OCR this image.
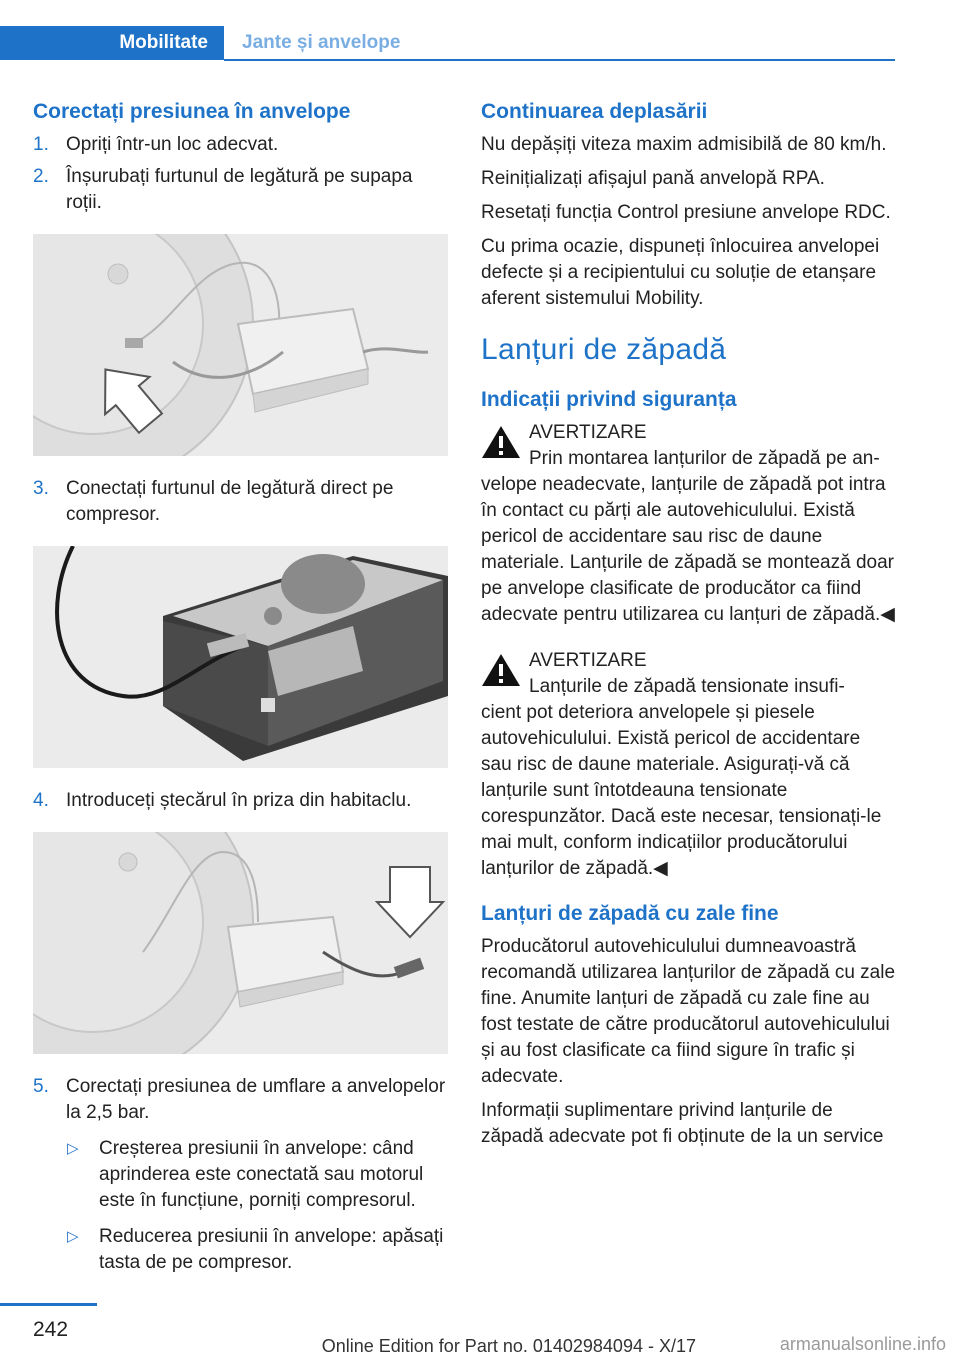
Mobilitate Jante și anvelope
Corectați presiunea în anvelope
1. Opriți într-un loc adecvat.
2. Înșurubați furtunul de legătură pe supapa roții.
3. Conectați furtunul de legătură direct pe compresor.
4. Introduceți ștecărul în priza din habitaclu.
5. Corectați presiunea de umflare a anvelopelor la 2,5 bar.
▷ Creșterea presiunii în anvelope: când aprinderea este conectată sau motorul este în funcțiune, porniți compresorul.
▷ Reducerea presiunii în anvelope: apăsați tasta de pe compresor.
Continuarea deplasării

Nu depășiți viteza maxim admisibilă de 80 km/h.

Reinițializați afișajul pană anvelopă RPA.

Resetați funcția Control presiune anvelope RDC.

Cu prima ocazie, dispuneți înlocuirea anvelopei defecte și a recipientului cu soluție de etanșare aferent sistemului Mobility.

Lanțuri de zăpadă
Indicații privind siguranța
AVERTIZARE
Prin montarea lanțurilor de zăpadă pe an-
velope neadecvate, lanțurile de zăpadă pot intra în contact cu părți ale autovehiculului. Există pericol de accidentare sau risc de daune materiale. Lanțurile de zăpadă se montează doar pe anvelope clasificate de producător ca fiind adecvate pentru utilizarea cu lanțuri de zăpadă.◀
AVERTIZARE
Lanțurile de zăpadă tensionate insufi-
cient pot deteriora anvelopele și piesele autovehiculului. Există pericol de accidentare sau risc de daune materiale. Asigurați-vă că lanțurile sunt întotdeauna tensionate corespunzător. Dacă este necesar, tensionați-le mai mult, conform indicațiilor producătorului lanțurilor de zăpadă.◀
Lanțuri de zăpadă cu zale fine

Producătorul autovehiculului dumneavoastră recomandă utilizarea lanțurilor de zăpadă cu zale fine. Anumite lanțuri de zăpadă cu zale fine au fost testate de către producătorul autovehiculului și au fost clasificate ca fiind sigure în trafic și adecvate.

Informații suplimentare privind lanțurile de zăpadă adecvate pot fi obținute de la un service

242
Online Edition for Part no. 01402984094 - X/17	armanualsonline.info
